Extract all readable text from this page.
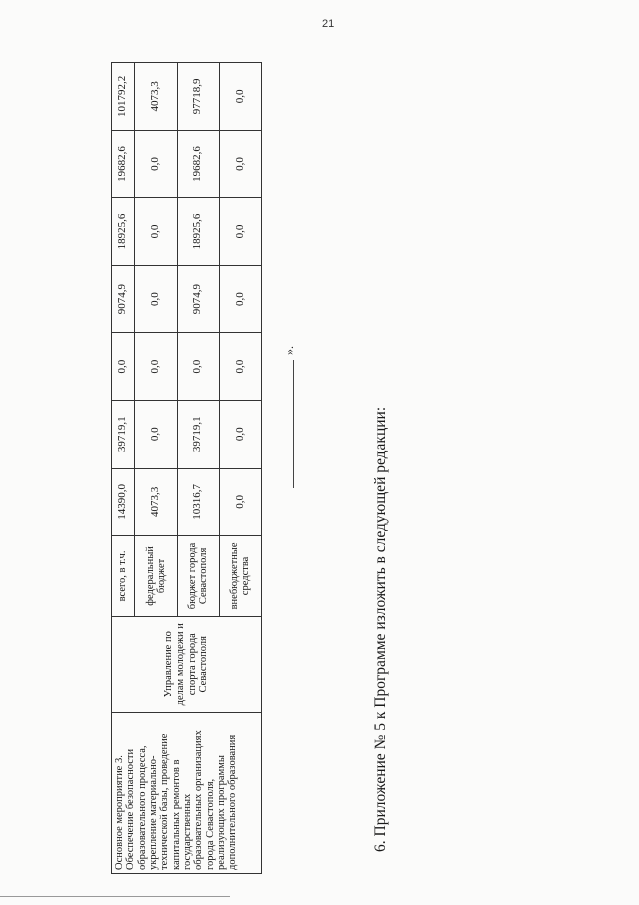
21
Основное мероприятие 3. Обеспечение безопасности образовательного процесса, укрепление материально-технической базы, проведение капитальных ремонтов в государственных образовательных организациях города Севастополя, реализующих программы дополнительного образования	Управление по делам молодежи и спорта города Севастополя	всего, в т.ч.	14390,0	39719,1	0,0	9074,9	18925,6	19682,6	101792,2
		федеральный бюджет	4073,3	0,0	0,0	0,0	0,0	0,0	4073,3
		бюджет города Севастополя	10316,7	39719,1	0,0	9074,9	18925,6	19682,6	97718,9
		внебюджетные средства	0,0	0,0	0,0	0,0	0,0	0,0	0,0
».
6. Приложение № 5 к Программе изложить в следующей редакции:
